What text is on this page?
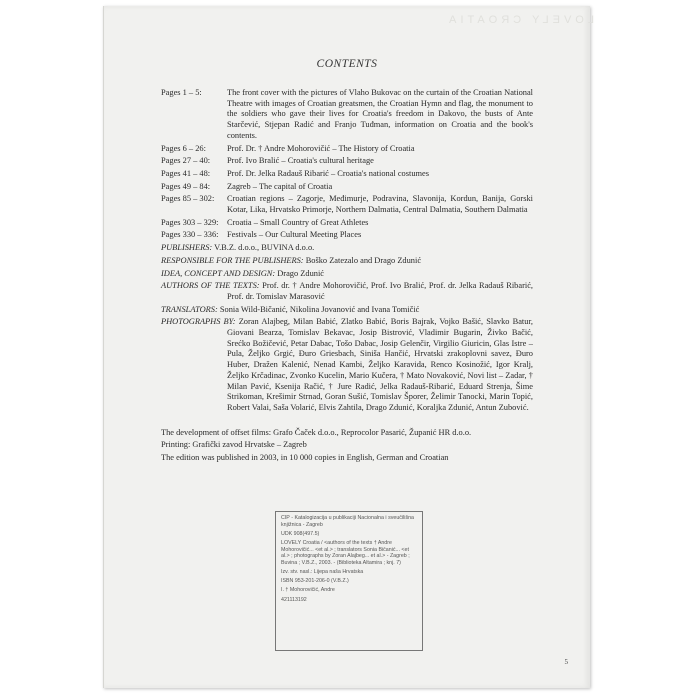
LOVELY CROATIA
CONTENTS
Pages 1 – 5:	The front cover with the pictures of Vlaho Bukovac on the curtain of the Croatian National Theatre with images of Croatian greatsmen, the Croatian Hymn and flag, the monument to the soldiers who gave their lives for Croatia's freedom in Dakovo, the busts of Ante Starčević, Stjepan Radić and Franjo Tuđman, information on Croatia and the book's contents.
Pages 6 – 26:	Prof. Dr. † Andre Mohorovičić – The History of Croatia
Pages 27 – 40:	Prof. Ivo Bralić – Croatia's cultural heritage
Pages 41 – 48:	Prof. Dr. Jelka Radauš Ribarić – Croatia's national costumes
Pages 49 – 84:	Zagreb – The capital of Croatia
Pages 85 – 302:	Croatian regions – Zagorje, Međimurje, Podravina, Slavonija, Kordun, Banija, Gorski Kotar, Lika, Hrvatsko Primorje, Northern Dalmatia, Central Dalmatia, Southern Dalmatia
Pages 303 – 329:	Croatia – Small Country of Great Athletes
Pages 330 – 336:	Festivals – Our Cultural Meeting Places
PUBLISHERS: V.B.Z. d.o.o., BUVINA d.o.o.
RESPONSIBLE FOR THE PUBLISHERS: Boško Zatezalo and Drago Zdunić
IDEA, CONCEPT AND DESIGN: Drago Zdunić
AUTHORS OF THE TEXTS: Prof. dr. † Andre Mohorovičić, Prof. Ivo Bralić, Prof. dr. Jelka Radauš Ribarić, Prof. dr. Tomislav Marasović
TRANSLATORS: Sonia Wild-Bičanić, Nikolina Jovanović and Ivana Tomičić
PHOTOGRAPHS BY: Zoran Alajbeg, Milan Babić, Zlatko Babić, Boris Bajrak, Vojko Bašić, Slavko Batur, Giovani Bearza, Tomislav Bekavac, Josip Bistrović, Vladimir Bugarin, Živko Bačić, Srećko Božičević, Petar Dabac, Tošo Dabac, Josip Gelenčir, Virgilio Giuricin, Glas Istre – Pula, Željko Grgić, Đuro Griesbach, Siniša Hančić, Hrvatski zrakoplovni savez, Đuro Huber, Dražen Kalenić, Nenad Kambi, Željko Karavida, Renco Kosinožić, Igor Kralj, Željko Krčadinac, Zvonko Kucelin, Mario Kučera, † Mato Novaković, Novi list – Zadar, † Milan Pavić, Ksenija Račić, † Jure Radić, Jelka Radauš-Ribarić, Eduard Strenja, Šime Strikoman, Krešimir Strnad, Goran Sušić, Tomislav Šporer, Želimir Tanocki, Marin Topić, Robert Valai, Saša Volarić, Elvis Zahtila, Drago Zdunić, Koraljka Zdunić, Antun Zubović.
The development of offset films: Grafo Čaček d.o.o., Reprocolor Pasarić, Županić HR d.o.o.
Printing: Grafički zavod Hrvatske – Zagreb
The edition was published in 2003, in 10 000 copies in English, German and Croatian
CIP - Katalogizacija u publikaciji Nacionalna i sveučilišna knjižnica - Zagreb
UDK 908(497.5)
LOVELY Croatia / <authors of the texts † Andre Mohorovičić... <et al.> ; translators Sonia Bičanić... <et al.> ; photographs by Zoran Alajbeg... et al.> - Zagreb ; Buvina ; V.B.Z., 2003. - (Biblioteka Altamira ; knj. 7)
Izv. stv. nasl.: Lijepa naša Hrvatska
ISBN 953-201-206-0 (V.B.Z.)
I. † Mohorovičić, Andre
421113192
5
